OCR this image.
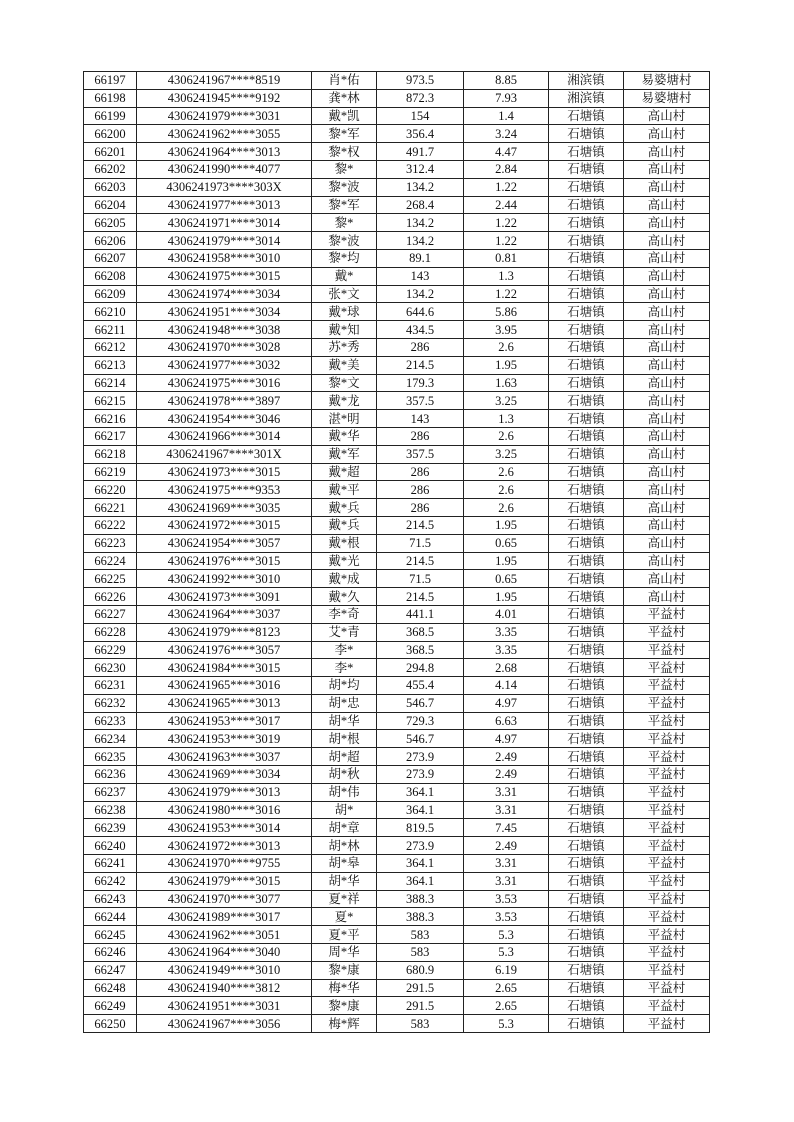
66197	4306241967****8519	肖*佑	973.5	8.85	湘滨镇	易婆塘村
66198	4306241945****9192	龚*林	872.3	7.93	湘滨镇	易婆塘村
66199	4306241979****3031	戴*凯	154	1.4	石塘镇	高山村
66200	4306241962****3055	黎*军	356.4	3.24	石塘镇	高山村
66201	4306241964****3013	黎*权	491.7	4.47	石塘镇	高山村
66202	4306241990****4077	黎*	312.4	2.84	石塘镇	高山村
66203	4306241973****303X	黎*波	134.2	1.22	石塘镇	高山村
66204	4306241977****3013	黎*军	268.4	2.44	石塘镇	高山村
66205	4306241971****3014	黎*	134.2	1.22	石塘镇	高山村
66206	4306241979****3014	黎*波	134.2	1.22	石塘镇	高山村
66207	4306241958****3010	黎*均	89.1	0.81	石塘镇	高山村
66208	4306241975****3015	戴*	143	1.3	石塘镇	高山村
66209	4306241974****3034	张*文	134.2	1.22	石塘镇	高山村
66210	4306241951****3034	戴*球	644.6	5.86	石塘镇	高山村
66211	4306241948****3038	戴*知	434.5	3.95	石塘镇	高山村
66212	4306241970****3028	苏*秀	286	2.6	石塘镇	高山村
66213	4306241977****3032	戴*美	214.5	1.95	石塘镇	高山村
66214	4306241975****3016	黎*文	179.3	1.63	石塘镇	高山村
66215	4306241978****3897	戴*龙	357.5	3.25	石塘镇	高山村
66216	4306241954****3046	湛*明	143	1.3	石塘镇	高山村
66217	4306241966****3014	戴*华	286	2.6	石塘镇	高山村
66218	4306241967****301X	戴*军	357.5	3.25	石塘镇	高山村
66219	4306241973****3015	戴*超	286	2.6	石塘镇	高山村
66220	4306241975****9353	戴*平	286	2.6	石塘镇	高山村
66221	4306241969****3035	戴*兵	286	2.6	石塘镇	高山村
66222	4306241972****3015	戴*兵	214.5	1.95	石塘镇	高山村
66223	4306241954****3057	戴*根	71.5	0.65	石塘镇	高山村
66224	4306241976****3015	戴*光	214.5	1.95	石塘镇	高山村
66225	4306241992****3010	戴*成	71.5	0.65	石塘镇	高山村
66226	4306241973****3091	戴*久	214.5	1.95	石塘镇	高山村
66227	4306241964****3037	李*奇	441.1	4.01	石塘镇	平益村
66228	4306241979****8123	艾*青	368.5	3.35	石塘镇	平益村
66229	4306241976****3057	李*	368.5	3.35	石塘镇	平益村
66230	4306241984****3015	李*	294.8	2.68	石塘镇	平益村
66231	4306241965****3016	胡*均	455.4	4.14	石塘镇	平益村
66232	4306241965****3013	胡*忠	546.7	4.97	石塘镇	平益村
66233	4306241953****3017	胡*华	729.3	6.63	石塘镇	平益村
66234	4306241953****3019	胡*根	546.7	4.97	石塘镇	平益村
66235	4306241963****3037	胡*超	273.9	2.49	石塘镇	平益村
66236	4306241969****3034	胡*秋	273.9	2.49	石塘镇	平益村
66237	4306241979****3013	胡*伟	364.1	3.31	石塘镇	平益村
66238	4306241980****3016	胡*	364.1	3.31	石塘镇	平益村
66239	4306241953****3014	胡*章	819.5	7.45	石塘镇	平益村
66240	4306241972****3013	胡*林	273.9	2.49	石塘镇	平益村
66241	4306241970****9755	胡*皋	364.1	3.31	石塘镇	平益村
66242	4306241979****3015	胡*华	364.1	3.31	石塘镇	平益村
66243	4306241970****3077	夏*祥	388.3	3.53	石塘镇	平益村
66244	4306241989****3017	夏*	388.3	3.53	石塘镇	平益村
66245	4306241962****3051	夏*平	583	5.3	石塘镇	平益村
66246	4306241964****3040	周*华	583	5.3	石塘镇	平益村
66247	4306241949****3010	黎*康	680.9	6.19	石塘镇	平益村
66248	4306241940****3812	梅*华	291.5	2.65	石塘镇	平益村
66249	4306241951****3031	黎*康	291.5	2.65	石塘镇	平益村
66250	4306241967****3056	梅*辉	583	5.3	石塘镇	平益村
